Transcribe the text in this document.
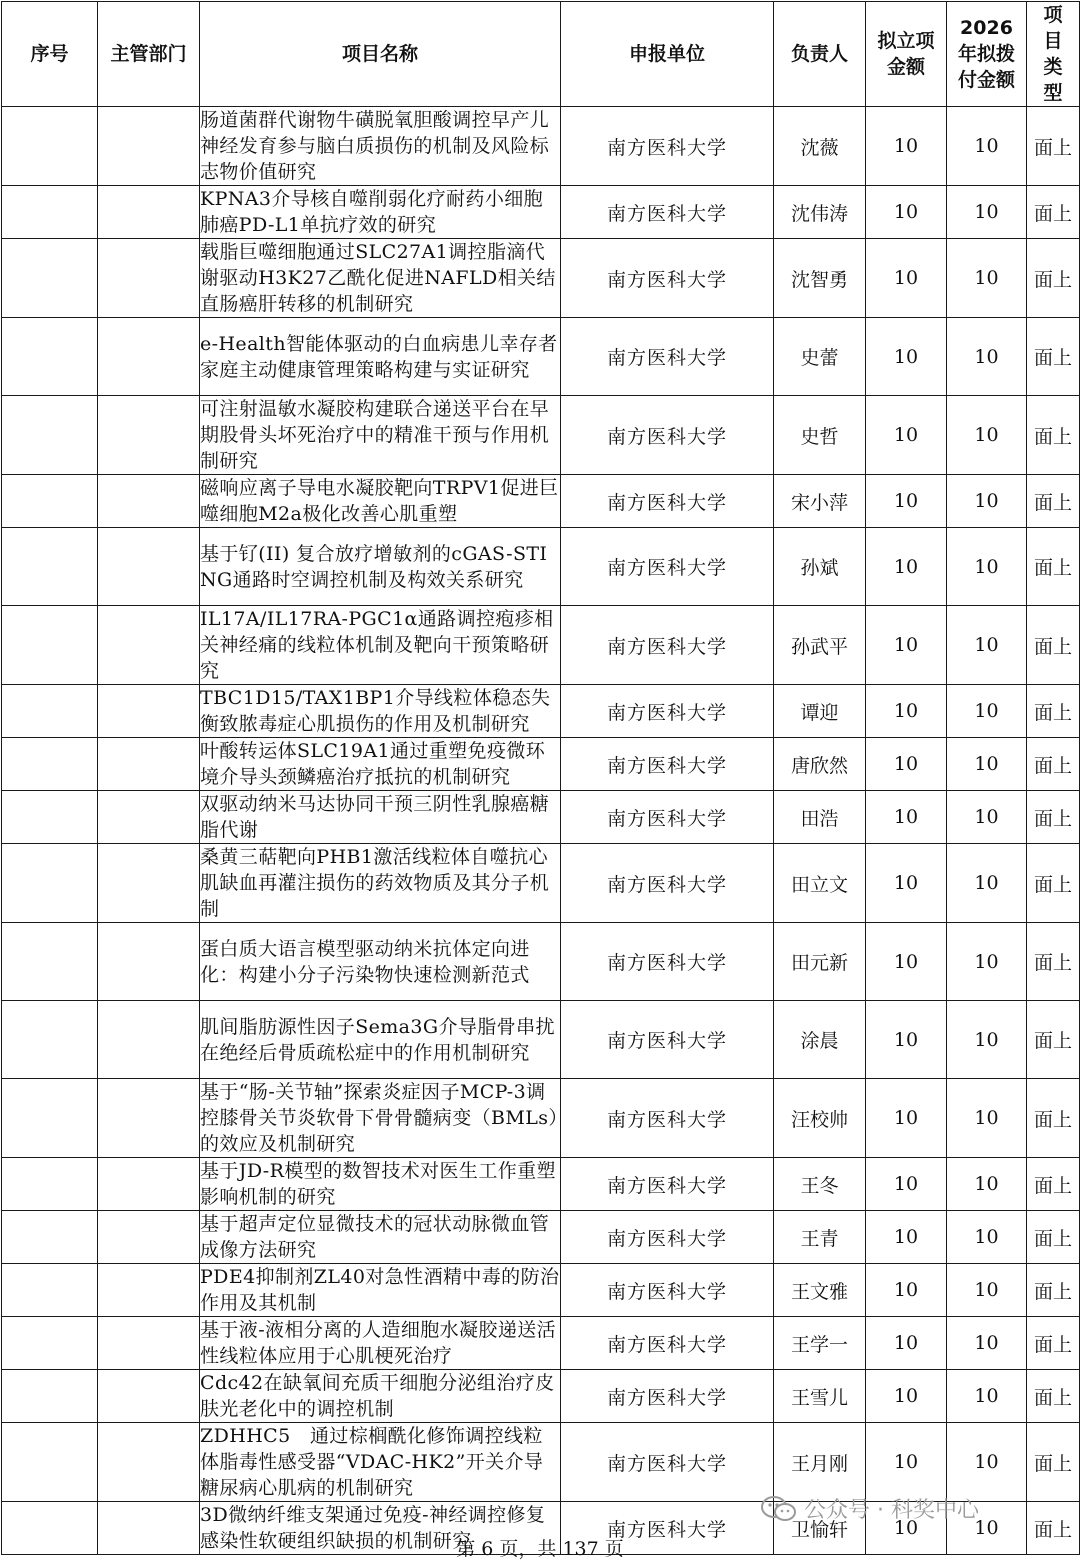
序号	主管部门	项目名称	申报单位	负责人	拟立项金额	2026年拟拨付金额	项目类型
		肠道菌群代谢物牛磺脱氧胆酸调控早产儿神经发育参与脑白质损伤的机制及风险标志物价值研究	南方医科大学	沈薇	10	10	面上
		KPNA3介导核自噬削弱化疗耐药小细胞肺癌PD-L1单抗疗效的研究	南方医科大学	沈伟涛	10	10	面上
		载脂巨噬细胞通过SLC27A1调控脂滴代谢驱动H3K27乙酰化促进NAFLD相关结直肠癌肝转移的机制研究	南方医科大学	沈智勇	10	10	面上
		e-Health智能体驱动的白血病患儿幸存者家庭主动健康管理策略构建与实证研究	南方医科大学	史蕾	10	10	面上
		可注射温敏水凝胶构建联合递送平台在早期股骨头坏死治疗中的精准干预与作用机制研究	南方医科大学	史哲	10	10	面上
		磁响应离子导电水凝胶靶向TRPV1促进巨噬细胞M2a极化改善心肌重塑	南方医科大学	宋小萍	10	10	面上
		基于钌(II) 复合放疗增敏剂的cGAS-STING通路时空调控机制及构效关系研究	南方医科大学	孙斌	10	10	面上
		IL17A/IL17RA-PGC1α通路调控疱疹相关神经痛的线粒体机制及靶向干预策略研究	南方医科大学	孙武平	10	10	面上
		TBC1D15/TAX1BP1介导线粒体稳态失衡致脓毒症心肌损伤的作用及机制研究	南方医科大学	谭迎	10	10	面上
		叶酸转运体SLC19A1通过重塑免疫微环境介导头颈鳞癌治疗抵抗的机制研究	南方医科大学	唐欣然	10	10	面上
		双驱动纳米马达协同干预三阴性乳腺癌糖脂代谢	南方医科大学	田浩	10	10	面上
		桑黄三萜靶向PHB1激活线粒体自噬抗心肌缺血再灌注损伤的药效物质及其分子机制	南方医科大学	田立文	10	10	面上
		蛋白质大语言模型驱动纳米抗体定向进化：构建小分子污染物快速检测新范式	南方医科大学	田元新	10	10	面上
		肌间脂肪源性因子Sema3G介导脂骨串扰在绝经后骨质疏松症中的作用机制研究	南方医科大学	涂晨	10	10	面上
		基于“肠-关节轴”探索炎症因子MCP-3调控膝骨关节炎软骨下骨骨髓病变（BMLs）的效应及机制研究	南方医科大学	汪校帅	10	10	面上
		基于JD-R模型的数智技术对医生工作重塑影响机制的研究	南方医科大学	王冬	10	10	面上
		基于超声定位显微技术的冠状动脉微血管成像方法研究	南方医科大学	王青	10	10	面上
		PDE4抑制剂ZL40对急性酒精中毒的防治作用及其机制	南方医科大学	王文雅	10	10	面上
		基于液-液相分离的人造细胞水凝胶递送活性线粒体应用于心肌梗死治疗	南方医科大学	王学一	10	10	面上
		Cdc42在缺氧间充质干细胞分泌组治疗皮肤光老化中的调控机制	南方医科大学	王雪儿	10	10	面上
		ZDHHC5　通过棕榈酰化修饰调控线粒体脂毒性感受器“VDAC-HK2”开关介导糖尿病心肌病的机制研究	南方医科大学	王月刚	10	10	面上
		3D微纳纤维支架通过免疫-神经调控修复感染性软硬组织缺损的机制研究	南方医科大学	卫愉轩	10	10	面上
第 6 页，共 137 页
公众号 · 科奖中心
